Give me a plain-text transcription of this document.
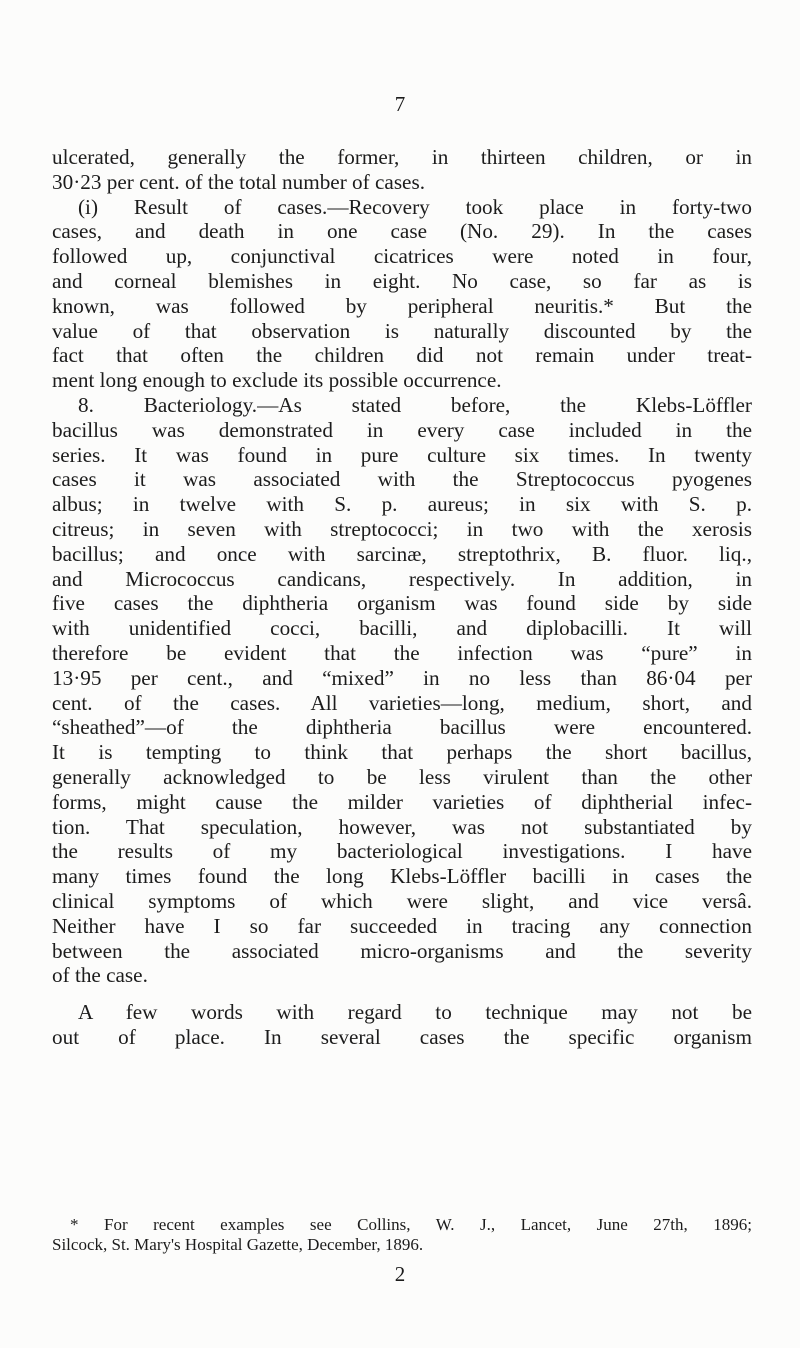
7
ulcerated, generally the former, in thirteen children, or in
30·23 per cent. of the total number of cases.
(i) Result of cases.—Recovery took place in forty-two
cases, and death in one case (No. 29). In the cases
followed up, conjunctival cicatrices were noted in four,
and corneal blemishes in eight. No case, so far as is
known, was followed by peripheral neuritis.* But the
value of that observation is naturally discounted by the
fact that often the children did not remain under treat-
ment long enough to exclude its possible occurrence.
8. Bacteriology.—As stated before, the Klebs-Löffler
bacillus was demonstrated in every case included in the
series. It was found in pure culture six times. In twenty
cases it was associated with the Streptococcus pyogenes
albus; in twelve with S. p. aureus; in six with S. p.
citreus; in seven with streptococci; in two with the xerosis
bacillus; and once with sarcinæ, streptothrix, B. fluor. liq.,
and Micrococcus candicans, respectively. In addition, in
five cases the diphtheria organism was found side by side
with unidentified cocci, bacilli, and diplobacilli. It will
therefore be evident that the infection was “pure” in
13·95 per cent., and “mixed” in no less than 86·04 per
cent. of the cases. All varieties—long, medium, short, and
“sheathed”—of the diphtheria bacillus were encountered.
It is tempting to think that perhaps the short bacillus,
generally acknowledged to be less virulent than the other
forms, might cause the milder varieties of diphtherial infec-
tion. That speculation, however, was not substantiated by
the results of my bacteriological investigations. I have
many times found the long Klebs-Löffler bacilli in cases the
clinical symptoms of which were slight, and vice versâ.
Neither have I so far succeeded in tracing any connection
between the associated micro-organisms and the severity
of the case.
A few words with regard to technique may not be
out of place. In several cases the specific organism
* For recent examples see Collins, W. J., Lancet, June 27th, 1896;
Silcock, St. Mary's Hospital Gazette, December, 1896.
2
